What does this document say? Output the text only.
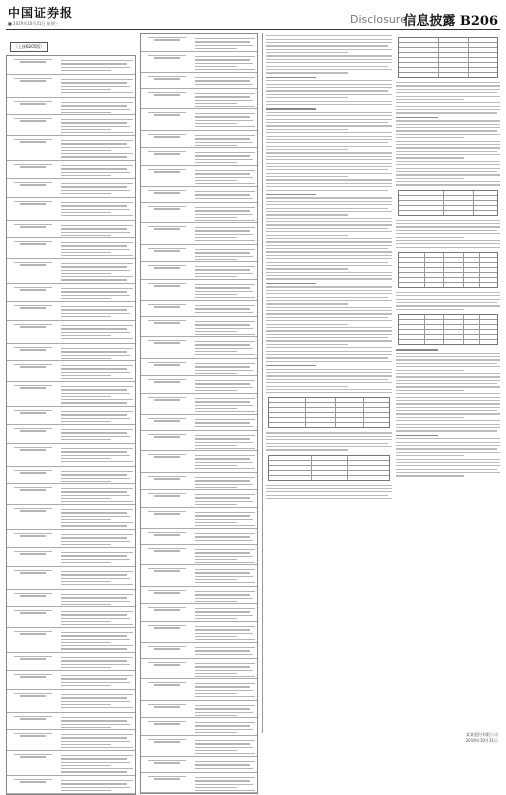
中国证券报
■ 2019年10月31日 星期三	Disclosure
信息披露 B206
（上接B205版）
某某股份有限公司
2019年10月31日
